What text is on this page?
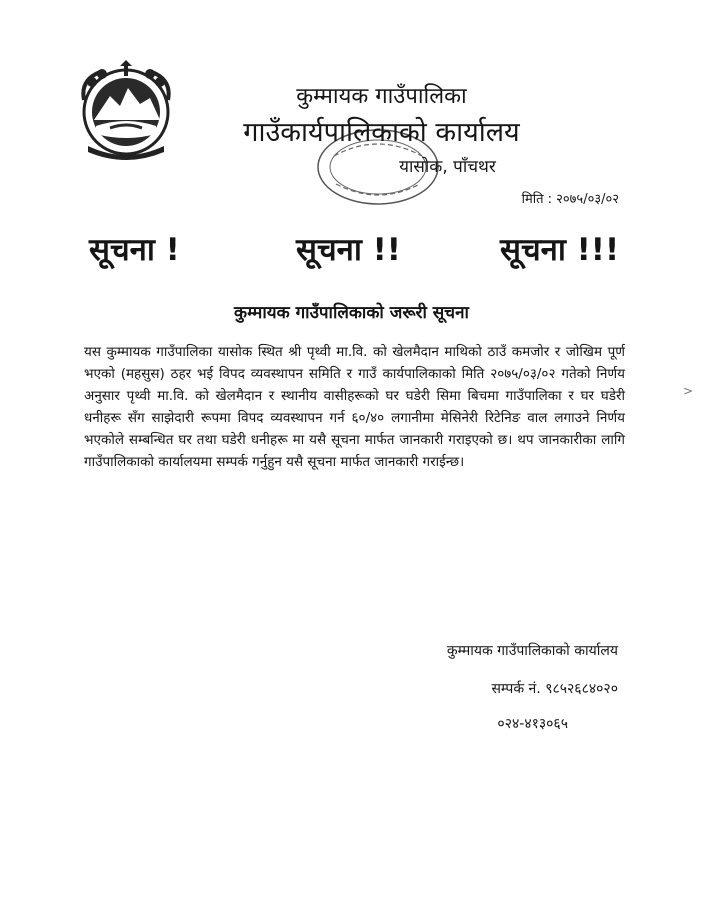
कुम्मायक गाउँपालिका
गाउँकार्यपालिकाको कार्यालय
यासोक, पाँचथर
मिति : २०७५/०३/०२
सूचना !	सूचना !!	सूचना !!!
कुम्मायक गाउँपालिकाको जरूरी सूचना

यस कुम्मायक गाउँपालिका यासोक स्थित श्री पृथ्वी मा.वि. को खेलमैदान माथिको ठाउँ कमजोर र जोखिम पूर्ण भएको (महसुस) ठहर भई विपद व्यवस्थापन समिति र गाउँ कार्यपालिकाको मिति २०७५/०३/०२ गतेको निर्णय अनुसार पृथ्वी मा.वि. को खेलमैदान र स्थानीय वासीहरूको घर घडेरी सिमा बिचमा गाउँपालिका र घर घडेरी धनीहरू सँग साझेदारी रूपमा विपद व्यवस्थापन गर्न ६०/४० लगानीमा मेसिनेरी रिटेनिङ वाल लगाउने निर्णय भएकोले सम्बन्धित घर तथा घडेरी धनीहरू मा यसै सूचना मार्फत जानकारी गराइएको छ। थप जानकारीका लागि गाउँपालिकाको कार्यालयमा सम्पर्क गर्नुहुन यसै सूचना मार्फत जानकारी गराईन्छ।

कुम्मायक गाउँपालिकाको कार्यालय
सम्पर्क नं. ९८५२६८४०२०
०२४-४१३०६५
>
